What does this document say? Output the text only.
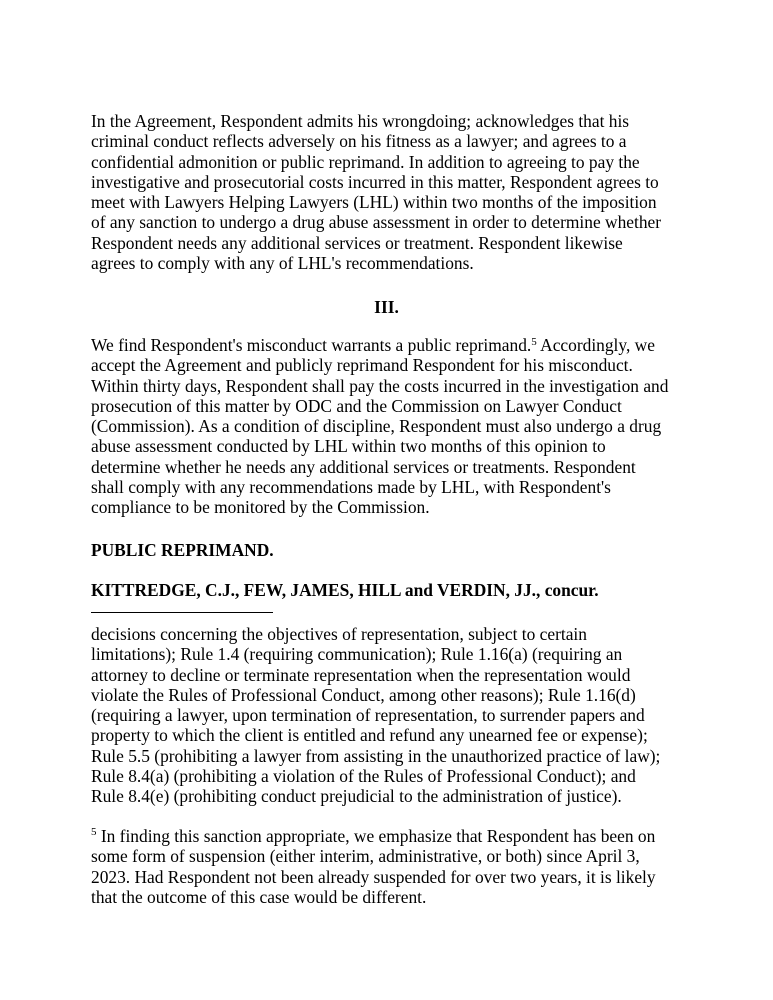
In the Agreement, Respondent admits his wrongdoing; acknowledges that his
criminal conduct reflects adversely on his fitness as a lawyer; and agrees to a
confidential admonition or public reprimand. In addition to agreeing to pay the
investigative and prosecutorial costs incurred in this matter, Respondent agrees to
meet with Lawyers Helping Lawyers (LHL) within two months of the imposition
of any sanction to undergo a drug abuse assessment in order to determine whether
Respondent needs any additional services or treatment. Respondent likewise
agrees to comply with any of LHL's recommendations.
III.
We find Respondent's misconduct warrants a public reprimand.$^5$ Accordingly, we
accept the Agreement and publicly reprimand Respondent for his misconduct.
Within thirty days, Respondent shall pay the costs incurred in the investigation and
prosecution of this matter by ODC and the Commission on Lawyer Conduct
(Commission). As a condition of discipline, Respondent must also undergo a drug
abuse assessment conducted by LHL within two months of this opinion to
determine whether he needs any additional services or treatments. Respondent
shall comply with any recommendations made by LHL, with Respondent's
compliance to be monitored by the Commission.
PUBLIC REPRIMAND.
KITTREDGE, C.J., FEW, JAMES, HILL and VERDIN, JJ., concur.
decisions concerning the objectives of representation, subject to certain
limitations); Rule 1.4 (requiring communication); Rule 1.16(a) (requiring an
attorney to decline or terminate representation when the representation would
violate the Rules of Professional Conduct, among other reasons); Rule 1.16(d)
(requiring a lawyer, upon termination of representation, to surrender papers and
property to which the client is entitled and refund any unearned fee or expense);
Rule 5.5 (prohibiting a lawyer from assisting in the unauthorized practice of law);
Rule 8.4(a) (prohibiting a violation of the Rules of Professional Conduct); and
Rule 8.4(e) (prohibiting conduct prejudicial to the administration of justice).
$^5$ In finding this sanction appropriate, we emphasize that Respondent has been on
some form of suspension (either interim, administrative, or both) since April 3,
2023. Had Respondent not been already suspended for over two years, it is likely
that the outcome of this case would be different.
